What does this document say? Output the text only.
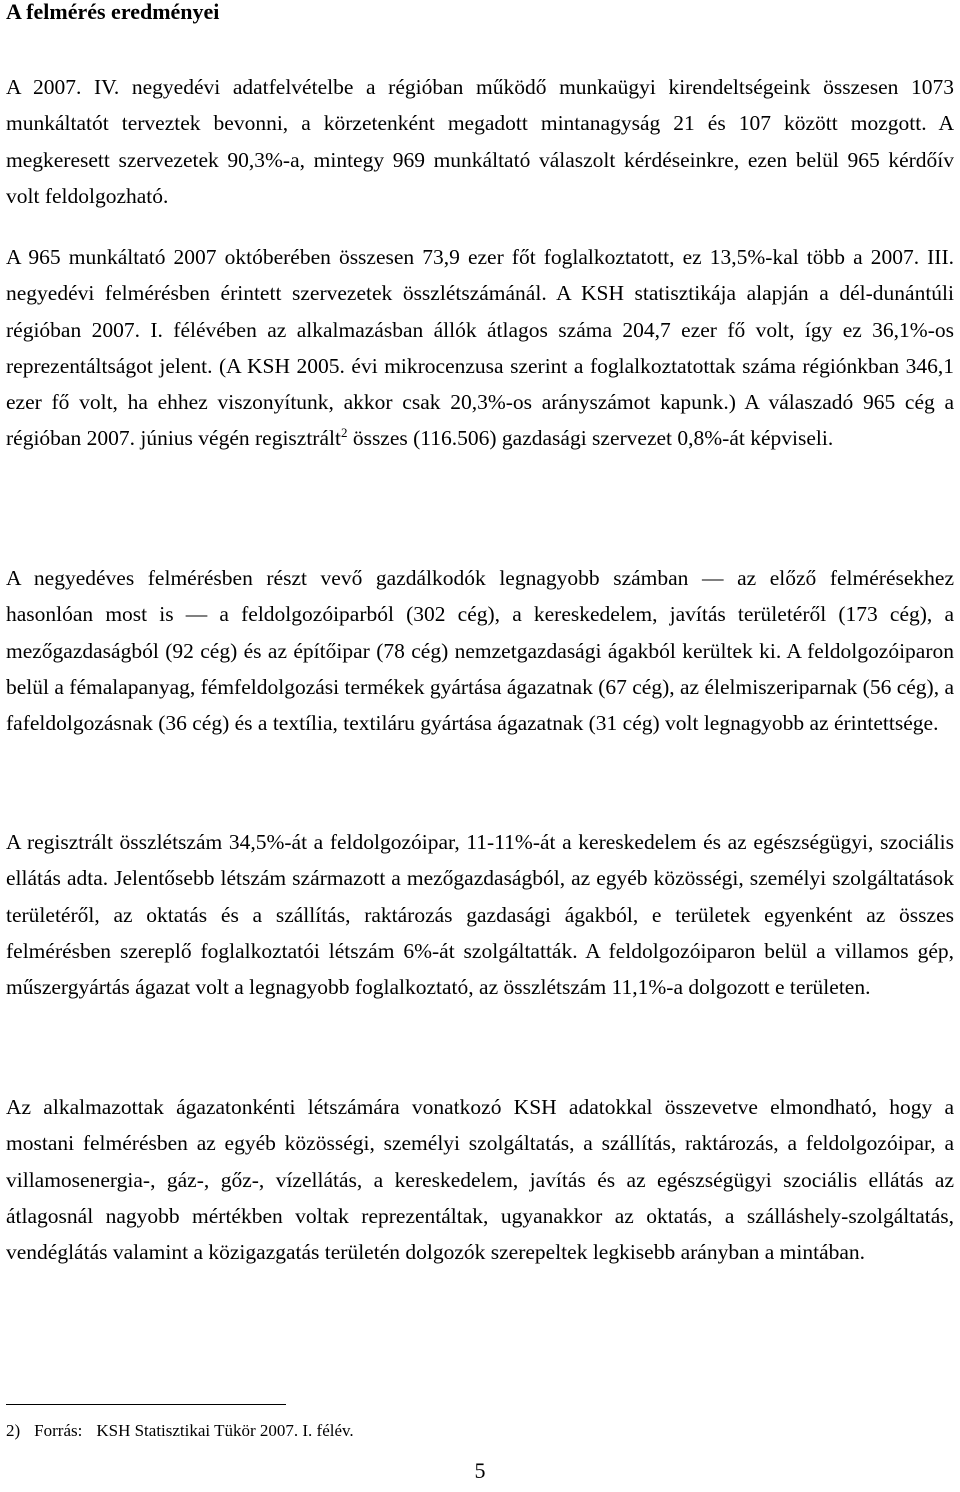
A felmérés eredményei

A 2007. IV. negyedévi adatfelvételbe a régióban működő munkaügyi kirendeltségeink összesen 1073 munkáltatót terveztek bevonni, a körzetenként megadott mintanagyság 21 és 107 között mozgott. A megkeresett szervezetek 90,3%-a, mintegy 969 munkáltató válaszolt kérdéseinkre, ezen belül 965 kérdőív volt feldolgozható.

A 965 munkáltató 2007 októberében összesen 73,9 ezer főt foglalkoztatott, ez 13,5%-kal több a 2007. III. negyedévi felmérésben érintett szervezetek összlétszámánál. A KSH statisztikája alapján a dél-dunántúli régióban 2007. I. félévében az alkalmazásban állók átlagos száma 204,7 ezer fő volt, így ez 36,1%-os reprezentáltságot jelent. (A KSH 2005. évi mikrocenzusa szerint a foglalkoztatottak száma régiónkban 346,1 ezer fő volt, ha ehhez viszonyítunk, akkor csak 20,3%-os arányszámot kapunk.) A válaszadó 965 cég a régióban 2007. június végén regisztrált$^2$ összes (116.506) gazdasági szervezet 0,8%-át képviseli.

A negyedéves felmérésben részt vevő gazdálkodók legnagyobb számban — az előző felmérésekhez hasonlóan most is — a feldolgozóiparból (302 cég), a kereskedelem, javítás területéről (173 cég), a mezőgazdaságból (92 cég) és az építőipar (78 cég) nemzetgazdasági ágakból kerültek ki. A feldolgozóiparon belül a fémalapanyag, fémfeldolgozási termékek gyártása ágazatnak (67 cég), az élelmiszeriparnak (56 cég), a fafeldolgozásnak (36 cég) és a textília, textiláru gyártása ágazatnak (31 cég) volt legnagyobb az érintettsége.

A regisztrált összlétszám 34,5%-át a feldolgozóipar, 11-11%-át a kereskedelem és az egészségügyi, szociális ellátás adta. Jelentősebb létszám származott a mezőgazdaságból, az egyéb közösségi, személyi szolgáltatások területéről, az oktatás és a szállítás, raktározás gazdasági ágakból, e területek egyenként az összes felmérésben szereplő foglalkoztatói létszám 6%-át szolgáltatták. A feldolgozóiparon belül a villamos gép, műszergyártás ágazat volt a legnagyobb foglalkoztató, az összlétszám 11,1%-a dolgozott e területen.

Az alkalmazottak ágazatonkénti létszámára vonatkozó KSH adatokkal összevetve elmondható, hogy a mostani felmérésben az egyéb közösségi, személyi szolgáltatás, a szállítás, raktározás, a feldolgozóipar, a villamosenergia-, gáz-, gőz-, vízellátás, a kereskedelem, javítás és az egészségügyi szociális ellátás az átlagosnál nagyobb mértékben voltak reprezentáltak, ugyanakkor az oktatás, a szálláshely-szolgáltatás, vendéglátás valamint a közigazgatás területén dolgozók szerepeltek legkisebb arányban a mintában.

2) Forrás: KSH Statisztikai Tükör 2007. I. félév.
5
